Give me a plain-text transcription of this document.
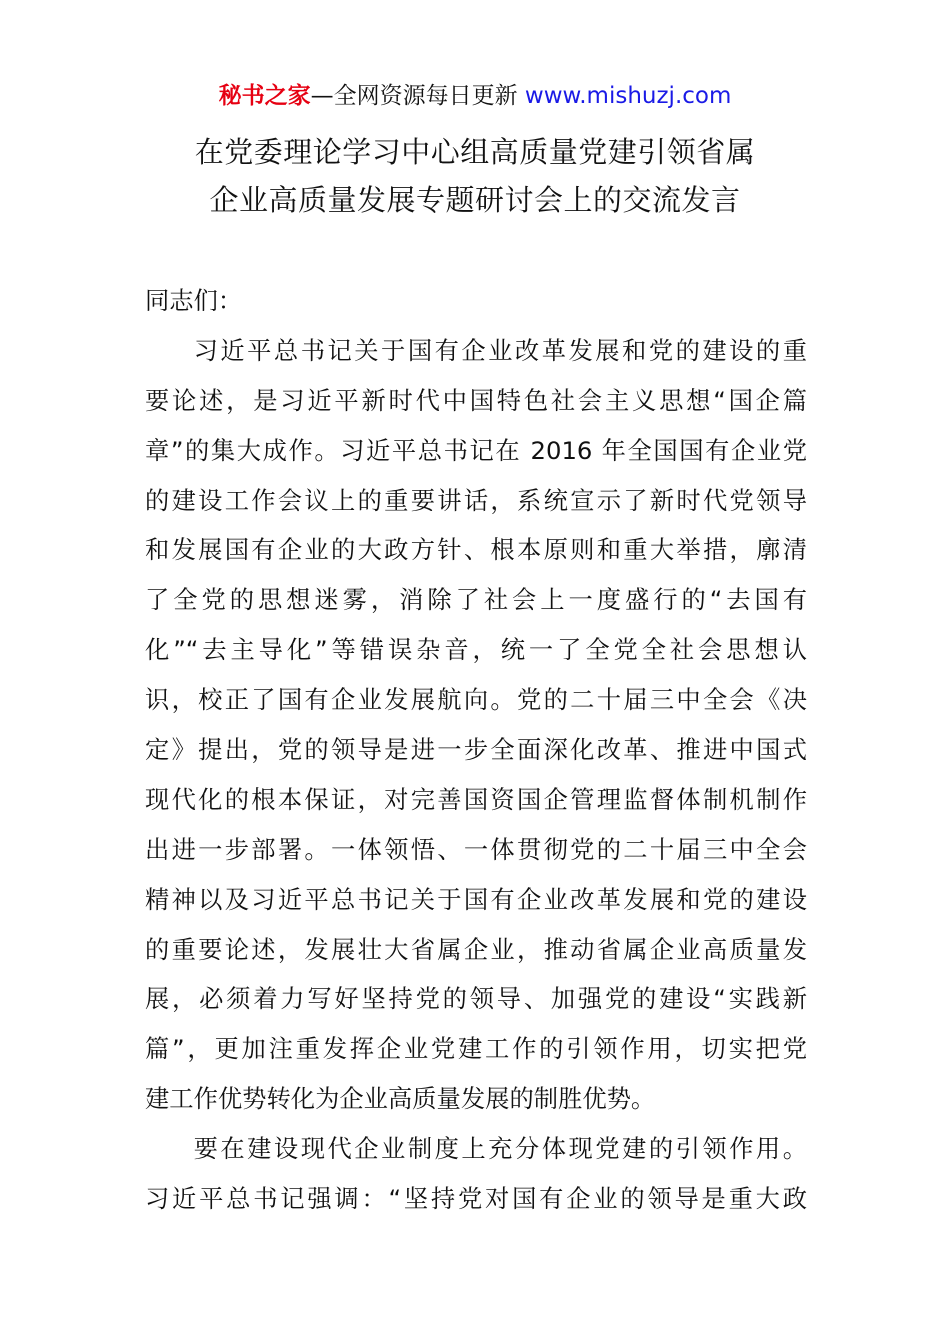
秘书之家—全网资源每日更新 www.mishuzj.com
在党委理论学习中心组高质量党建引领省属
企业高质量发展专题研讨会上的交流发言
同志们：
习近平总书记关于国有企业改革发展和党的建设的重
要论述，是习近平新时代中国特色社会主义思想“国企篇
章”的集大成作。习近平总书记在 2016 年全国国有企业党
的建设工作会议上的重要讲话，系统宣示了新时代党领导
和发展国有企业的大政方针、根本原则和重大举措，廓清
了全党的思想迷雾，消除了社会上一度盛行的“去国有
化”“去主导化”等错误杂音，统一了全党全社会思想认
识，校正了国有企业发展航向。党的二十届三中全会《决
定》提出，党的领导是进一步全面深化改革、推进中国式
现代化的根本保证，对完善国资国企管理监督体制机制作
出进一步部署。一体领悟、一体贯彻党的二十届三中全会
精神以及习近平总书记关于国有企业改革发展和党的建设
的重要论述，发展壮大省属企业，推动省属企业高质量发
展，必须着力写好坚持党的领导、加强党的建设“实践新
篇”，更加注重发挥企业党建工作的引领作用，切实把党
建工作优势转化为企业高质量发展的制胜优势。
要在建设现代企业制度上充分体现党建的引领作用。
习近平总书记强调：“坚持党对国有企业的领导是重大政
